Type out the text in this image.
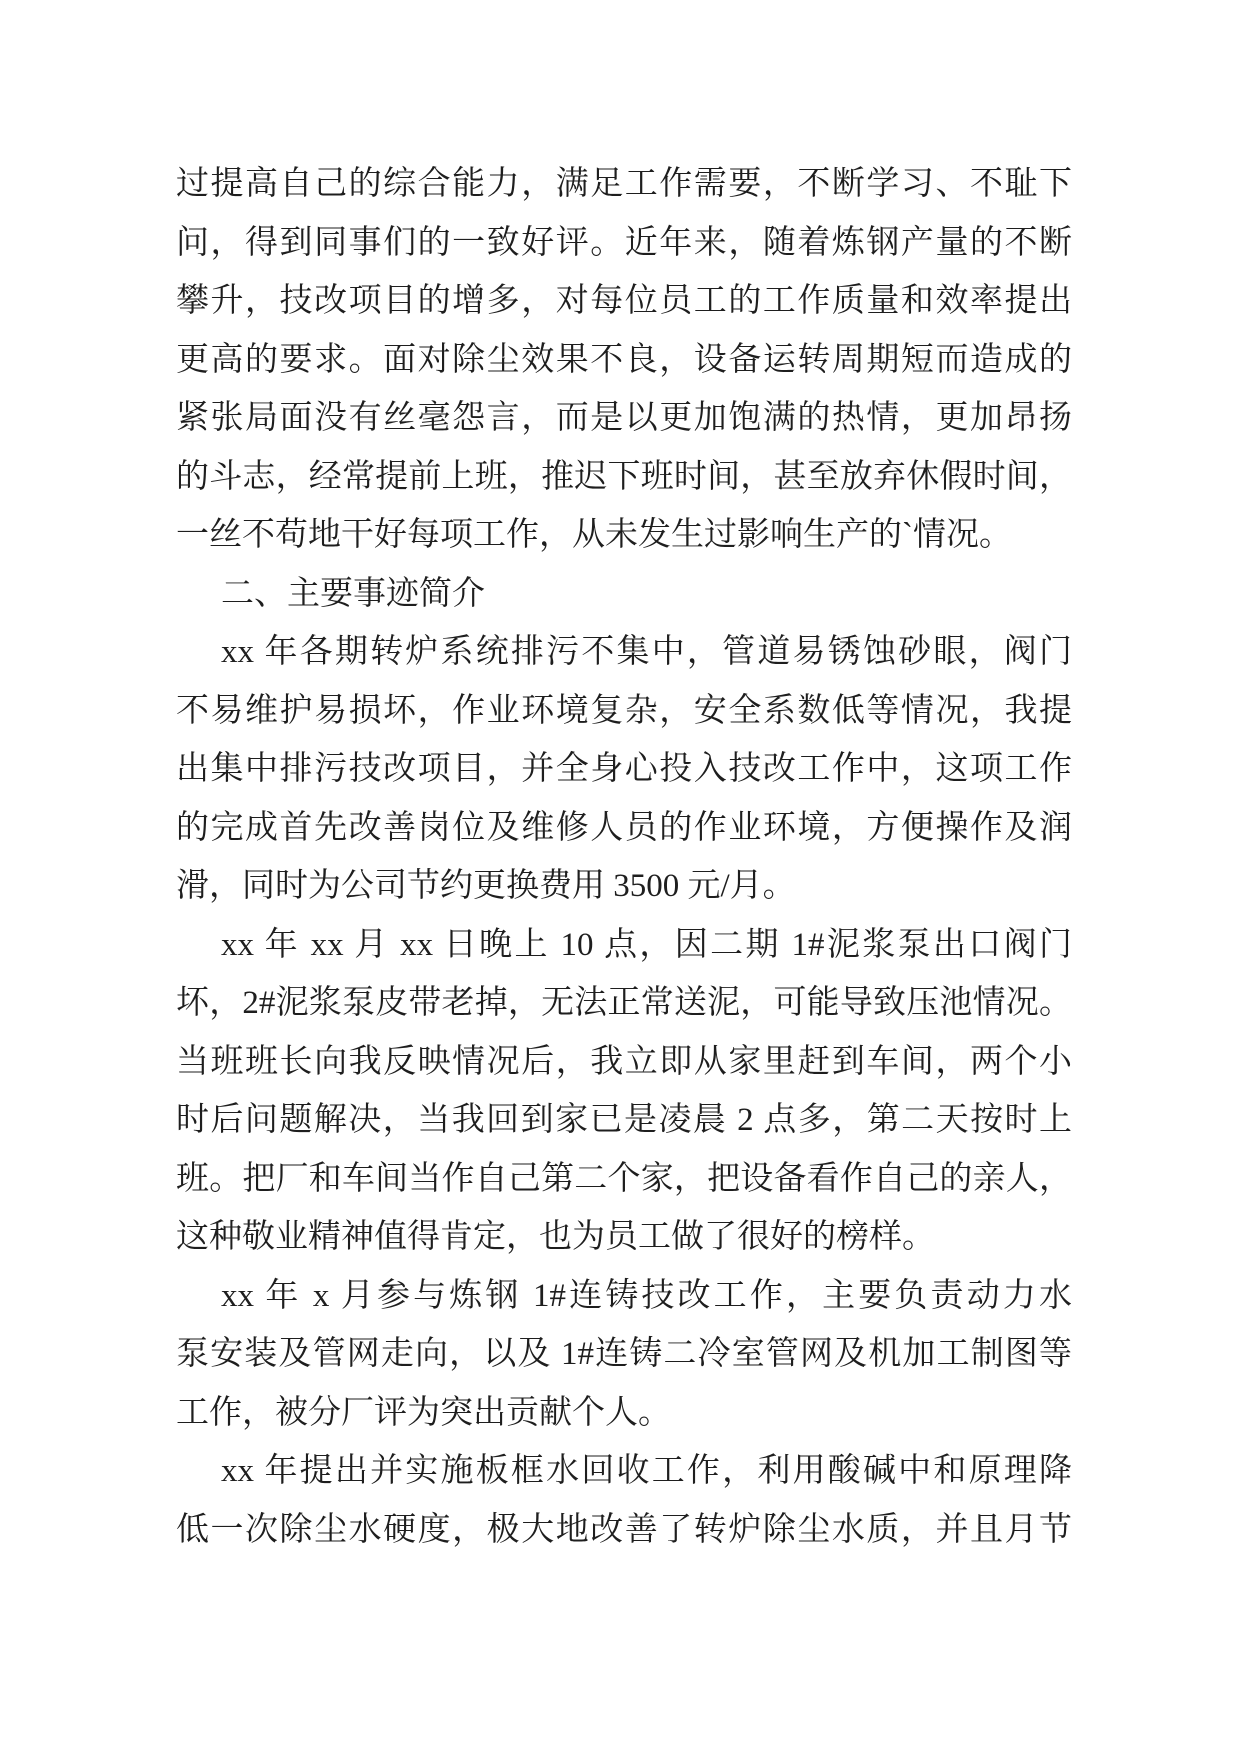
过提高自己的综合能力，满足工作需要，不断学习、不耻下
问，得到同事们的一致好评。近年来，随着炼钢产量的不断
攀升，技改项目的增多，对每位员工的工作质量和效率提出
更高的要求。面对除尘效果不良，设备运转周期短而造成的
紧张局面没有丝毫怨言，而是以更加饱满的热情，更加昂扬
的斗志，经常提前上班，推迟下班时间，甚至放弃休假时间，
一丝不苟地干好每项工作，从未发生过影响生产的`情况。
二、主要事迹简介
xx 年各期转炉系统排污不集中，管道易锈蚀砂眼，阀门
不易维护易损坏，作业环境复杂，安全系数低等情况，我提
出集中排污技改项目，并全身心投入技改工作中，这项工作
的完成首先改善岗位及维修人员的作业环境，方便操作及润
滑，同时为公司节约更换费用 3500 元/月。
xx 年 xx 月 xx 日晚上 10 点，因二期 1#泥浆泵出口阀门
坏，2#泥浆泵皮带老掉，无法正常送泥，可能导致压池情况。
当班班长向我反映情况后，我立即从家里赶到车间，两个小
时后问题解决，当我回到家已是凌晨 2 点多，第二天按时上
班。把厂和车间当作自己第二个家，把设备看作自己的亲人，
这种敬业精神值得肯定，也为员工做了很好的榜样。
xx 年 x 月参与炼钢 1#连铸技改工作，主要负责动力水
泵安装及管网走向，以及 1#连铸二冷室管网及机加工制图等
工作，被分厂评为突出贡献个人。
xx 年提出并实施板框水回收工作，利用酸碱中和原理降
低一次除尘水硬度，极大地改善了转炉除尘水质，并且月节
